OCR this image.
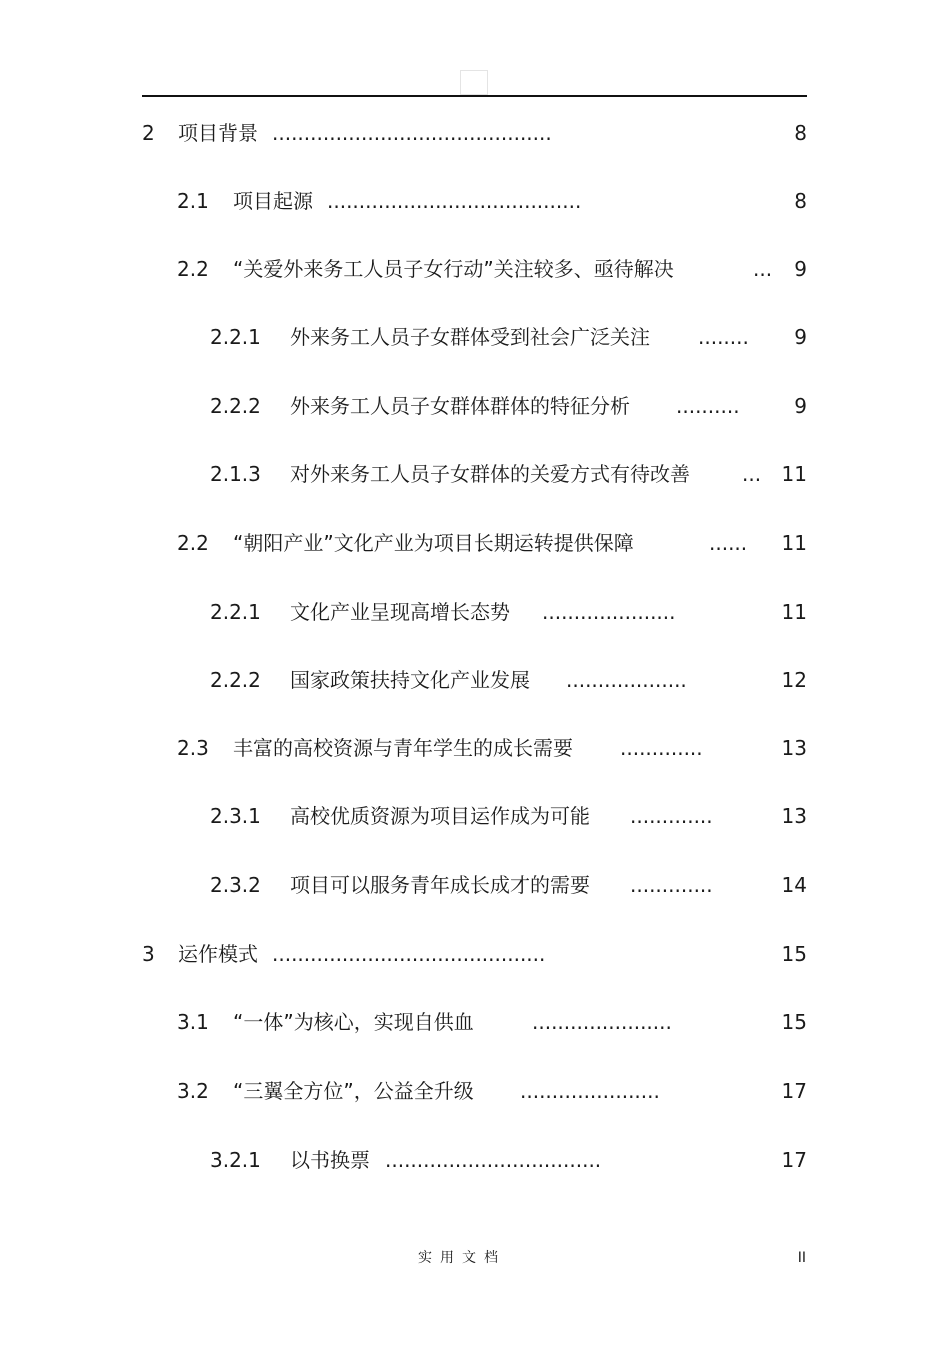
2 项目背景 ............................................	8
2.1 项目起源 ........................................	8
2.2 “关爱外来务工人员子女行动”关注较多、亟待解决	... 9
2.2.1 外来务工人员子女群体受到社会广泛关注 ........ 9
2.2.2 外来务工人员子女群体群体的特征分析 ..........	9
2.1.3 对外来务工人员子女群体的关爱方式有待改善	... 11
2.2 “朝阳产业”文化产业为项目长期运转提供保障	...... 11
2.2.1 文化产业呈现高增长态势 .....................	11
2.2.2 国家政策扶持文化产业发展 ...................	12
2.3 丰富的高校资源与青年学生的成长需要 .............	13
2.3.1 高校优质资源为项目运作成为可能 .............	13
2.3.2 项目可以服务青年成长成才的需要 .............	14
3 运作模式 ...........................................	15
3.1 “一体”为核心，实现自供血	......................	15
3.2 “三翼全方位”，公益全升级 ......................	17
3.2.1 以书换票 ..................................	17
实用文档	II
